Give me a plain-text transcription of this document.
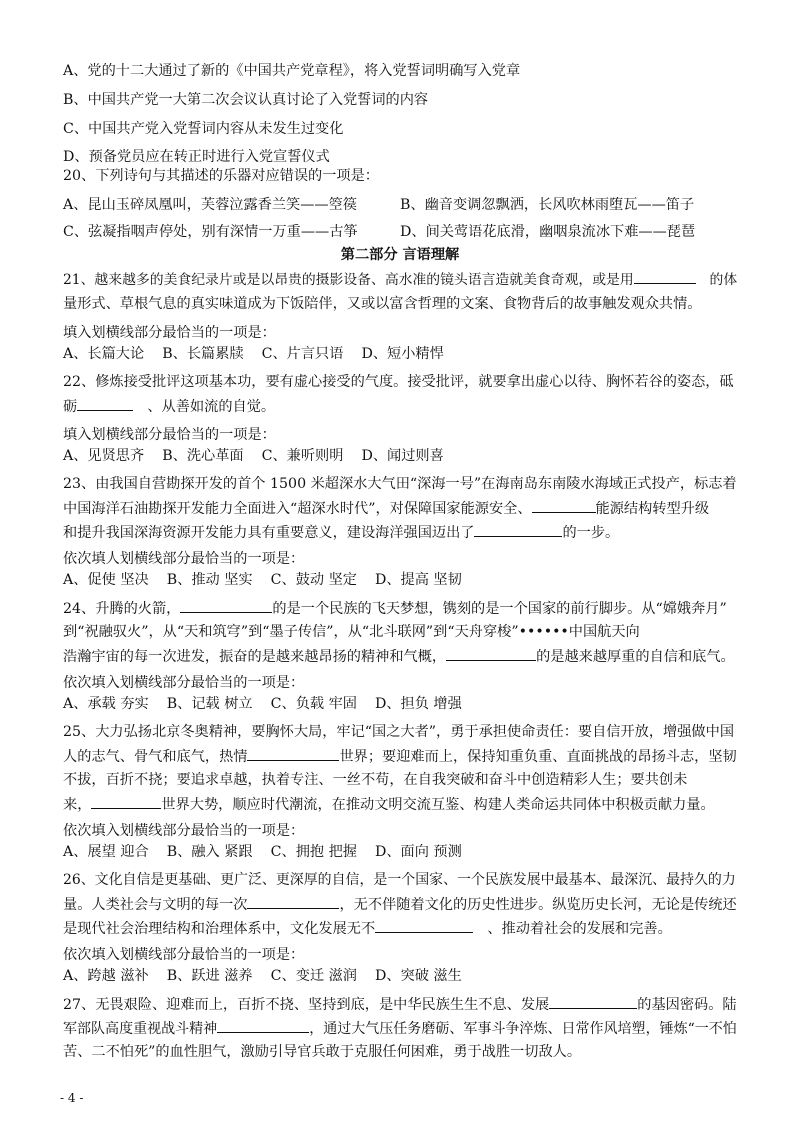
A、党的十二大通过了新的《中国共产党章程》，将入党誓词明确写入党章
B、中国共产党一大第二次会议认真讨论了入党誓词的内容
C、中国共产党入党誓词内容从未发生过变化
D、预备党员应在转正时进行入党宣誓仪式
20、下列诗句与其描述的乐器对应错误的一项是：
A、昆山玉碎凤凰叫，芙蓉泣露香兰笑——箜篌	B、幽音变调忽飘洒，长风吹林雨堕瓦——笛子
C、弦凝指咽声停处，别有深情一万重——古筝	D、间关莺语花底滑，幽咽泉流冰下难——琵琶
第二部分 言语理解
21、越来越多的美食纪录片或是以昂贵的摄影设备、高水准的镜头语言造就美食奇观，或是用　	的体
量形式、草根气息的真实味道成为下饭陪伴，又或以富含哲理的文案、食物背后的故事触发观众共情。
填入划横线部分最恰当的一项是：
A、长篇大论    B、长篇累牍    C、片言只语    D、短小精悍
22、修炼接受批评这项基本功，要有虚心接受的气度。接受批评，就要拿出虚心以待、胸怀若谷的姿态，砥
砺　	、从善如流的自觉。
填入划横线部分最恰当的一项是：
A、见贤思齐    B、洗心革面    C、兼听则明    D、闻过则喜
23、由我国自营勘探开发的首个 1500 米超深水大气田“深海一号”在海南岛东南陵水海域正式投产，标志着
中国海洋石油勘探开发能力全面进入“超深水时代”，对保障国家能源安全、	能源结构转型升级
和提升我国深海资源开发能力具有重要意义，建设海洋强国迈出了	的一步。
依次填人划横线部分最恰当的一项是：
A、促使 坚决    B、推动 坚实    C、鼓动 坚定    D、提高 坚韧
24、升腾的火箭，	的是一个民族的飞天梦想，镌刻的是一个国家的前行脚步。从“嫦娥奔月”
到“祝融驭火”，从“天和筑穹”到“墨子传信”，从“北斗联网”到“天舟穿梭”••••••中国航天向
浩瀚宇宙的每一次进发，振奋的是越来越昂扬的精神和气概，	的是越来越厚重的自信和底气。
依次填入划横线部分最恰当的一项是：
A、承载 夯实    B、记载 树立    C、负载 牢固    D、担负 增强
25、大力弘扬北京冬奥精神，要胸怀大局，牢记“国之大者”，勇于承担使命责任：要自信开放，增强做中国
人的志气、骨气和底气，热情	世界；要迎难而上，保持知重负重、直面挑战的昂扬斗志，坚韧
不拔，百折不挠；要追求卓越，执着专注、一丝不苟，在自我突破和奋斗中创造精彩人生；要共创未
来，	世界大势，顺应时代潮流，在推动文明交流互鉴、构建人类命运共同体中积极贡献力量。
依次填入划横线部分最恰当的一项是：
A、展望 迎合    B、融入 紧跟    C、拥抱 把握    D、面向 预测
26、文化自信是更基础、更广泛、更深厚的自信，是一个国家、一个民族发展中最基本、最深沉、最持久的力
量。人类社会与文明的每一次	，无不伴随着文化的历史性进步。纵览历史长河，无论是传统还
是现代社会治理结构和治理体系中，文化发展无不　	、推动着社会的发展和完善。
依次填入划横线部分最恰当的一项是：
A、跨越 滋补    B、跃进 滋养    C、变迁 滋润    D、突破 滋生
27、无畏艰险、迎难而上，百折不挠、坚持到底，是中华民族生生不息、发展	的基因密码。陆
军部队高度重视战斗精神	，通过大气压任务磨砺、军事斗争淬炼、日常作风培塑，锤炼“一不怕
苦、二不怕死”的血性胆气，激励引导官兵敢于克服任何困难，勇于战胜一切敌人。
- 4 -
